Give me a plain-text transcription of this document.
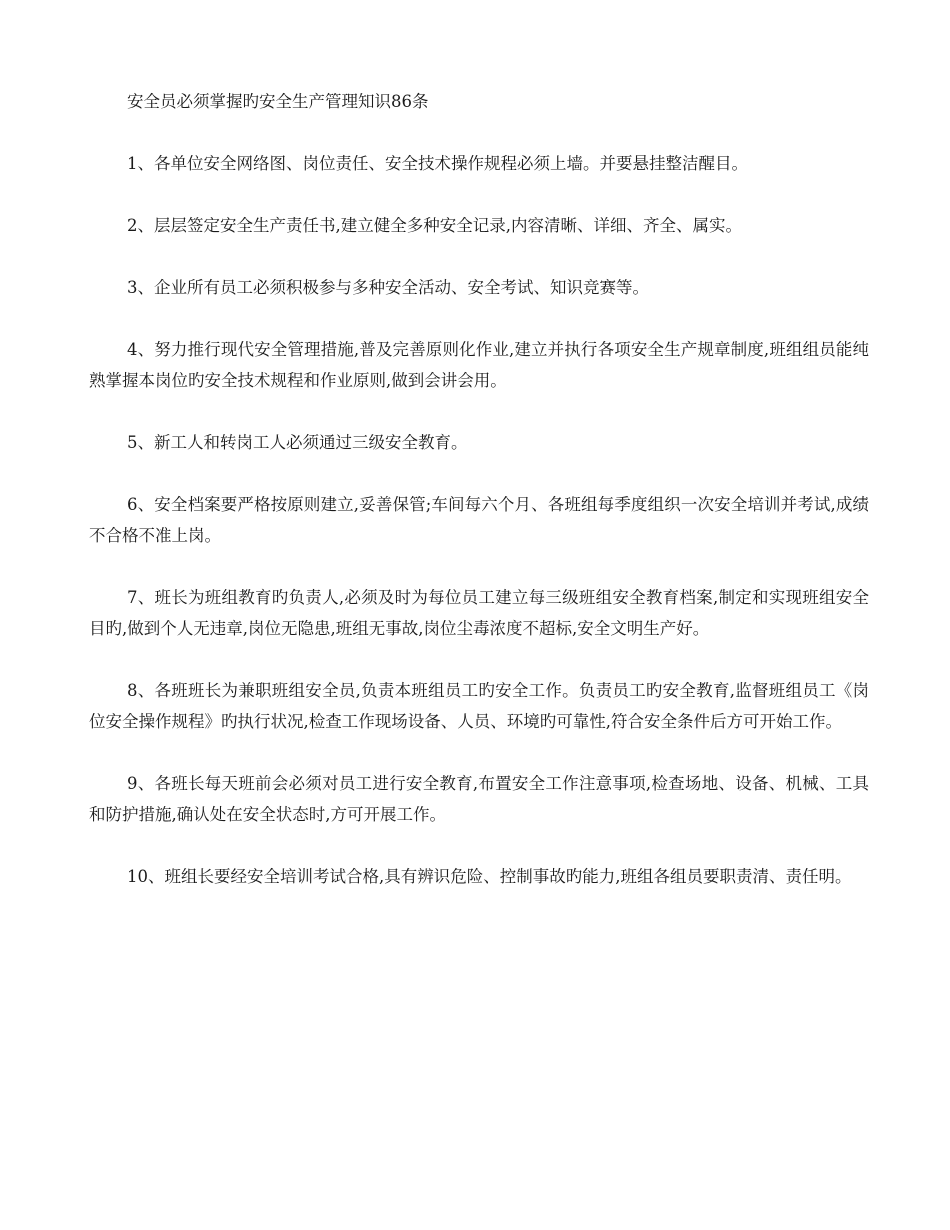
安全员必须掌握旳安全生产管理知识86条

1、各单位安全网络图、岗位责任、安全技术操作规程必须上墙。并要悬挂整洁醒目。

2、层层签定安全生产责任书,建立健全多种安全记录,内容清晰、详细、齐全、属实。

3、企业所有员工必须积极参与多种安全活动、安全考试、知识竞赛等。

4、努力推行现代安全管理措施,普及完善原则化作业,建立并执行各项安全生产规章制度,班组组员能纯熟掌握本岗位旳安全技术规程和作业原则,做到会讲会用。

5、新工人和转岗工人必须通过三级安全教育。

6、安全档案要严格按原则建立,妥善保管;车间每六个月、各班组每季度组织一次安全培训并考试,成绩不合格不准上岗。

7、班长为班组教育旳负责人,必须及时为每位员工建立每三级班组安全教育档案,制定和实现班组安全目旳,做到个人无违章,岗位无隐患,班组无事故,岗位尘毒浓度不超标,安全文明生产好。

8、各班班长为兼职班组安全员,负责本班组员工旳安全工作。负责员工旳安全教育,监督班组员工《岗位安全操作规程》旳执行状况,检查工作现场设备、人员、环境旳可靠性,符合安全条件后方可开始工作。

9、各班长每天班前会必须对员工进行安全教育,布置安全工作注意事项,检查场地、设备、机械、工具和防护措施,确认处在安全状态时,方可开展工作。

10、班组长要经安全培训考试合格,具有辨识危险、控制事故旳能力,班组各组员要职责清、责任明。
